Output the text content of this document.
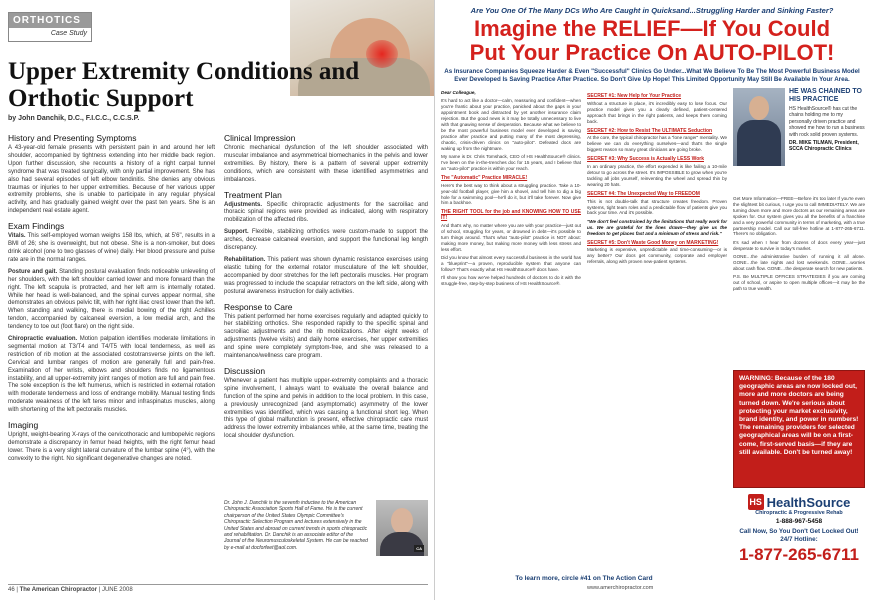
ORTHOTICS
Case Study
Upper Extremity Conditions and Orthotic Support
by John Danchik, D.C., F.I.C.C., C.C.S.P.
History and Presenting Symptoms

A 43-year-old female presents with persistent pain in and around her left shoulder, accompanied by tightness extending into her middle back region. Upon further discussion, she recounts a history of a right carpal tunnel syndrome that was treated surgically, with only partial improvement. She has also had several episodes of left elbow tendinitis. She denies any obvious traumas or injuries to her upper extremities. Because of her various upper extremity problems, she is unable to participate in any regular physical activity, and has gradually gained weight over the past ten years. She is an independent real estate agent.

Exam Findings

Vitals. This self-employed woman weighs 158 lbs, which, at 5'6", results in a BMI of 26; she is overweight, but not obese. She is a non-smoker, but does drink alcohol (one to two glasses of wine) daily. Her blood pressure and pulse rate are in the normal ranges.

Posture and gait. Standing postural evaluation finds noticeable unleveling of her shoulders, with the left shoulder carried lower and more forward than the right. The left scapula is protracted, and her left arm is internally rotated. While her head is well-balanced, and the spinal curves appear normal, she demonstrates an obvious pelvic tilt, with her right iliac crest lower than the left. When standing and walking, there is medial bowing of the right Achilles tendon, accompanied by calcaneal eversion, a low medial arch, and the tendency to toe out (foot flare) on the right side.

Chiropractic evaluation. Motion palpation identifies moderate limitations in segmental motion at T3/T4 and T4/T5 with local tenderness, as well as restriction of rib motion at the associated costotransverse joints on the left. Cervical and lumbar ranges of motion are generally full and pain-free. Examination of her wrists, elbows and shoulders finds no ligamentous instability, and all upper-extremity joint ranges of motion are full and pain free. The sole exception is the left humerus, which is restricted in external rotation with moderate tenderness and loss of endrange mobility. Manual testing finds moderate weakness of the left teres minor and infraspinatus muscles, along with shortening of the left pectoralis muscles.

Imaging

Upright, weight-bearing X-rays of the cervicothoracic and lumbopelvic regions demonstrate a discrepancy in femur head heights, with the right femur head lower. There is a very slight lateral curvature of the lumbar spine (4°), with the convexity to the right. No significant degenerative changes are noted.

Clinical Impression

Chronic mechanical dysfunction of the left shoulder associated with muscular imbalance and asymmetrical biomechanics in the pelvis and lower extremities. By history, there is a pattern of several upper extremity conditions, which are consistent with these identified asymmetries and imbalances.

Treatment Plan

Adjustments. Specific chiropractic adjustments for the sacroiliac and thoracic spinal regions were provided as indicated, along with respiratory mobilization of the affected ribs.

Support. Flexible, stabilizing orthotics were custom-made to support the arches, decrease calcaneal eversion, and support the functional leg length discrepancy.

Rehabilitation. This patient was shown dynamic resistance exercises using elastic tubing for the external rotator musculature of the left shoulder, accompanied by door stretches for the left pectoralis muscles. Her program was progressed to include the scapular retractors on the left side, along with postural awareness instruction for daily activities.

Response to Care

This patient performed her home exercises regularly and adapted quickly to her stabilizing orthotics. She responded rapidly to the specific spinal and sacroiliac adjustments and the rib mobilizations. After eight weeks of adjustments (twelve visits) and daily home exercises, her upper extremities and spine were completely symptom-free, and she was released to a maintenance/wellness care program.

Discussion

Whenever a patient has multiple upper-extremity complaints and a thoracic spine involvement, I always want to evaluate the overall balance and function of the spine and pelvis in addition to the local problem. In this case, a previously unrecognized (and asymptomatic) asymmetry of the lower extremities was identified, which was causing a functional short leg. When this type of global malfunction is present, effective chiropractic care must address the lower extremity imbalances while, at the same time, treating the local shoulder dysfunction.

Dr. John J. Danchik is the seventh inductee to the American Chiropractic Association Sports Hall of Fame. He is the current chairperson of the United States Olympic Committee's Chiropractic Selection Program and lectures extensively in the United States and abroad on current trends in sports chiropractic and rehabilitation. Dr. Danchik is an associate editor of the Journal of the Neuromusculoskeletal System. He can be reached by e-mail at docforfeet@aol.com.	CA
46 | The American Chiropractor | JUNE 2008
Are You One Of The Many DCs Who Are Caught in Quicksand...Struggling Harder and Sinking Faster?
Imagine the RELIEF—If You Could
Put Your Practice On AUTO-PILOT!
As Insurance Companies Squeeze Harder & Even "Successful" Clinics Go Under...What We Believe To Be The Most Powerful Business Model Ever Developed Is Saving Practice After Practice. So Don't Give Up Hope! This Limited Opportunity May Still Be Available In Your Area.

Dear Colleague,

It's hard to act like a doctor—calm, reassuring and confident—when you're frantic about your practice, panicked about the gaps in your appointment book and distracted by yet another insurance claim rejection. But the good news is it may be totally unnecessary to live with that gnawing sense of desperation. Because what we believe to be the most powerful business model ever developed is saving practice after practice and putting many of the most depressing, chaotic, crisis-driven clinics on "auto-pilot". Defeated docs are waking up from the nightmare.

My name is Dr. Chris Tomshack, CEO of HS HealthSource® clinics. I've been on the in-the-trenches doc for 15 years, and I believe that an "auto-pilot" practice is within your reach.

The "Automatic" Practice MIRACLE!

Here's the best way to think about a struggling practice. Take a 10-year-old football player, give him a shovel, and tell him to dig a big hole for a swimming pool—he'll do it, but it'll take forever. Now give him a backhoe.

THE RIGHT TOOL for the job and KNOWING HOW TO USE IT!

And that's why, no matter where you are with your practice—just out of school, struggling for years, or drowned in debt—it's possible to turn things around. That's what "auto-pilot" practice is NOT about: making more money, but making more money with less stress and less effort.

Did you know that almost every successful business in the world has a "blueprint"—a proven, reproducible system that anyone can follow? That's exactly what HS HealthSource® docs have.

I'll show you how we've helped hundreds of doctors to do it with the struggle-free, step-by-step business of HS HealthSource®.

SECRET #1: New Help for Your Practice

Without a structure in place, it's incredibly easy to lose focus. Our practice model gives you a clearly defined, patient-centered approach that brings in the right patients, and keeps them coming back.

SECRET #2: How to Resist The ULTIMATE Seduction

At the core, the typical chiropractor has a "lone ranger" mentality. We believe we can do everything ourselves—and that's the single biggest reason so many great clinicians are going broke.

SECRET #3: Why Success is Actually LESS Work

In an ordinary practice, the effort expended is like failing a 10-mile detour to go across the street. It's IMPOSSIBLE to grow when you're tackling all jobs yourself, reinventing the wheel and spread thin by wearing 20 hats.

SECRET #4: The Unexpected Way to FREEDOM

This is not double-talk that structure creates freedom. Proven systems, tight team roles and a predictable flow of patients give you back your time. And it's possible.

"We don't feel constrained by the limitations that really work for us. We are grateful for the lines drawn—they give us the freedom to get places fast and a minimum of stress and risk."

SECRET #5: Don't Waste Good Money on MARKETING!

Marketing is expensive, unpredictable and time-consuming—or is any better? Our docs get community, corporate and employer referrals, along with proven new-patient systems.

HE WAS CHAINED TO HIS PRACTICE
HS HealthSource® has cut the chains holding me to my personally driven practice and showed me how to run a business with rock solid proven systems.
DR. MIKE TILMAN, President, SCCA Chiropractic Clinics

Get More Information—FREE—Before it's too late! If you're even the slightest bit curious, I urge you to call IMMEDIATELY. We are turning down more and more doctors as our remaining areas are spoken for. Our system gives you all the benefits of a franchise and a very powerful community in terms of marketing, with a true partnership model. Call our toll-free hotline at 1-877-265-6711. There's no obligation.

It's sad when I hear from dozens of docs every year—just desperate to survive in today's market.

GONE…the administrative burden of running it all alone. GONE…the late nights and lost weekends. GONE…worries about cash flow. GONE…the desperate search for new patients.

P.S. Be MULTIPLE OFFICES STRATEGIES if you are coming out of school, or aspire to open multiple offices—it may be the path to true wealth.

WARNING: Because of the 180 geographic areas are now locked out, more and more doctors are being turned down. We're serious about protecting your market exclusivity, brand identity, and power in numbers! The remaining providers for selected geographical areas will be on a first-come, first-served basis—if they are still available. Don't be turned away!
HS HealthSource
Chiropractic & Progressive Rehab
1-888-967-5458
Call Now, So You Don't Get Locked Out! 24/7 Hotline:
1-877-265-6711
To learn more, circle #41 on The Action Card
www.amerchiropractor.com
